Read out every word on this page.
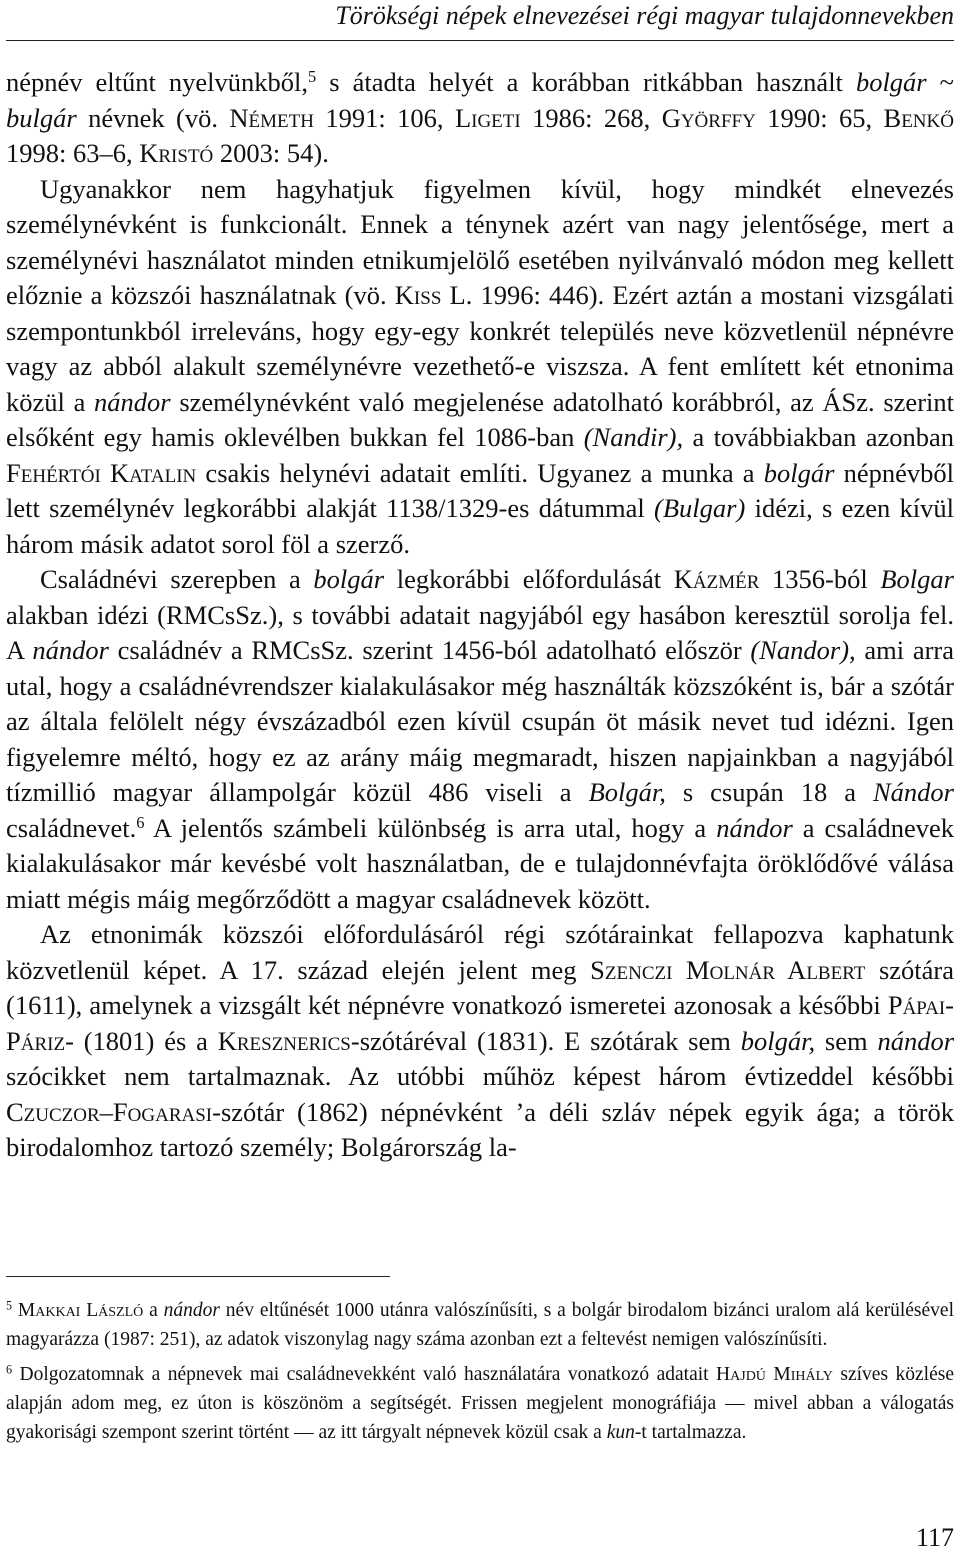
Törökségi népek elnevezései régi magyar tulajdonnevekben

népnév eltűnt nyelvünkből,$^5$ s átadta helyét a korábban ritkábban használt bolgár ~ bulgár névnek (vö. Németh 1991: 106, Ligeti 1986: 268, Györffy 1990: 65, Benkő 1998: 63–6, Kristó 2003: 54).

Ugyanakkor nem hagyhatjuk figyelmen kívül, hogy mindkét elnevezés személynévként is funkcionált. Ennek a ténynek azért van nagy jelentősége, mert a személynévi használatot minden etnikumjelölő esetében nyilvánvaló módon meg kellett előznie a közszói használatnak (vö. Kiss L. 1996: 446). Ezért aztán a mostani vizsgálati szempontunkból irreleváns, hogy egy-egy konkrét település neve közvetlenül népnévre vagy az abból alakult személynévre vezethető-e viszsza. A fent említett két etnonima közül a nándor személynévként való megjelenése adatolható korábbról, az ÁSz. szerint elsőként egy hamis oklevélben bukkan fel 1086-ban (Nandir), a továbbiakban azonban Fehértói Katalin csakis helynévi adatait említi. Ugyanez a munka a bolgár népnévből lett személynév legkorábbi alakját 1138/1329-es dátummal (Bulgar) idézi, s ezen kívül három másik adatot sorol föl a szerző.

Családnévi szerepben a bolgár legkorábbi előfordulását Kázmér 1356-ból Bolgar alakban idézi (RMCsSz.), s további adatait nagyjából egy hasábon keresztül sorolja fel. A nándor családnév a RMCsSz. szerint 1456-ból adatolható először (Nandor), ami arra utal, hogy a családnévrendszer kialakulásakor még használták közszóként is, bár a szótár az általa felölelt négy évszázadból ezen kívül csupán öt másik nevet tud idézni. Igen figyelemre méltó, hogy ez az arány máig megmaradt, hiszen napjainkban a nagyjából tízmillió magyar állampolgár közül 486 viseli a Bolgár, s csupán 18 a Nándor családnevet.$^6$ A jelentős számbeli különbség is arra utal, hogy a nándor a családnevek kialakulásakor már kevésbé volt használatban, de e tulajdonnévfajta öröklődővé válása miatt mégis máig megőrződött a magyar családnevek között.

Az etnonimák közszói előfordulásáról régi szótárainkat fellapozva kaphatunk közvetlenül képet. A 17. század elején jelent meg Szenczi Molnár Albert szótára (1611), amelynek a vizsgált két népnévre vonatkozó ismeretei azonosak a későbbi Pápai-Páriz- (1801) és a Kresznerics-szótáréval (1831). E szótárak sem bolgár, sem nándor szócikket nem tartalmaznak. Az utóbbi műhöz képest három évtizeddel későbbi Czuczor–Fogarasi-szótár (1862) népnévként ’a déli szláv népek egyik ága; a török birodalomhoz tartozó személy; Bolgárország la-

$^5$ Makkai László a nándor név eltűnését 1000 utánra valószínűsíti, s a bolgár birodalom bizánci uralom alá kerülésével magyarázza (1987: 251), az adatok viszonylag nagy száma azonban ezt a feltevést nemigen valószínűsíti.

$^6$ Dolgozatomnak a népnevek mai családnevekként való használatára vonatkozó adatait Hajdú Mihály szíves közlése alapján adom meg, ez úton is köszönöm a segítségét. Frissen megjelent monográfiája — mivel abban a válogatás gyakorisági szempont szerint történt — az itt tárgyalt népnevek közül csak a kun-t tartalmazza.

117
